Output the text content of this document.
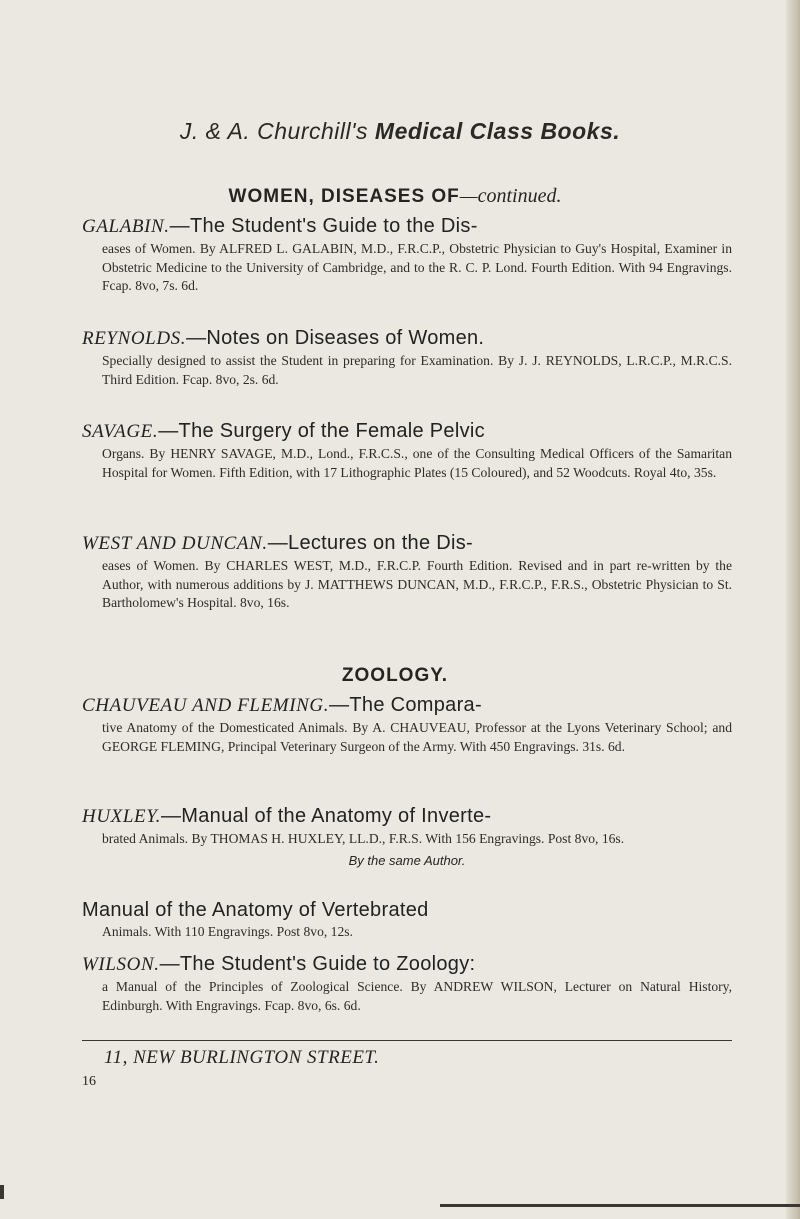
J. & A. Churchill's Medical Class Books.
WOMEN, DISEASES OF—continued.
GALABIN.—The Student's Guide to the Dis-
eases of Women. By ALFRED L. GALABIN, M.D., F.R.C.P., Obstetric Physician to Guy's Hospital, Examiner in Obstetric Medicine to the University of Cambridge, and to the R. C. P. Lond. Fourth Edition. With 94 Engravings. Fcap. 8vo, 7s. 6d.
REYNOLDS.—Notes on Diseases of Women.
Specially designed to assist the Student in preparing for Examination. By J. J. REYNOLDS, L.R.C.P., M.R.C.S. Third Edition. Fcap. 8vo, 2s. 6d.
SAVAGE.—The Surgery of the Female Pelvic
Organs. By HENRY SAVAGE, M.D., Lond., F.R.C.S., one of the Consulting Medical Officers of the Samaritan Hospital for Women. Fifth Edition, with 17 Lithographic Plates (15 Coloured), and 52 Woodcuts. Royal 4to, 35s.
WEST AND DUNCAN.—Lectures on the Dis-
eases of Women. By CHARLES WEST, M.D., F.R.C.P. Fourth Edition. Revised and in part re-written by the Author, with numerous additions by J. MATTHEWS DUNCAN, M.D., F.R.C.P., F.R.S., Obstetric Physician to St. Bartholomew's Hospital. 8vo, 16s.
ZOOLOGY.
CHAUVEAU AND FLEMING.—The Compara-
tive Anatomy of the Domesticated Animals. By A. CHAUVEAU, Professor at the Lyons Veterinary School; and GEORGE FLEMING, Principal Veterinary Surgeon of the Army. With 450 Engravings. 31s. 6d.
HUXLEY.—Manual of the Anatomy of Inverte-
brated Animals. By THOMAS H. HUXLEY, LL.D., F.R.S. With 156 Engravings. Post 8vo, 16s.
By the same Author.
Manual of the Anatomy of Vertebrated
Animals. With 110 Engravings. Post 8vo, 12s.
WILSON.—The Student's Guide to Zoology:
a Manual of the Principles of Zoological Science. By ANDREW WILSON, Lecturer on Natural History, Edinburgh. With Engravings. Fcap. 8vo, 6s. 6d.
11, NEW BURLINGTON STREET.
16
